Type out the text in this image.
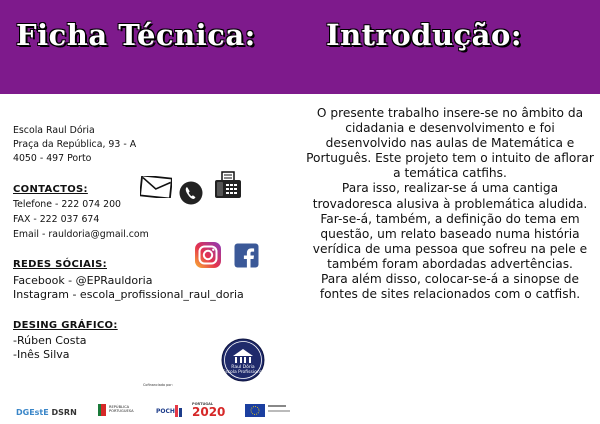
Ficha Técnica: Introdução:
Escola Raul Dória
Praça da República, 93 - A
4050 - 497 Porto
CONTACTOS:
Telefone - 222 074 200
FAX - 222 037 674
Email - rauldoria@gmail.com
REDES SÓCIAIS:
Facebook - @EPRauldoria
Instagram - escola_profissional_raul_doria
DESING GRÁFICO:
-Rúben Costa
-Inês Silva
Raul Dória
Escola Profissional

O presente trabalho insere-se no âmbito da cidadania e desenvolvimento e foi desenvolvido nas aulas de Matemática e Português. Este projeto tem o intuito de aflorar a temática catfihs.

Para isso, realizar-se á uma cantiga trovadoresca alusiva à problemática aludida.

Far-se-á, também, a definição do tema em questão, um relato baseado numa história verídica de uma pessoa que sofreu na pele e também foram abordadas advertências.

Para além disso, colocar-se-á a sinopse de fontes de sites relacionados com o catfish.

DGEstE DSRN
REPÚBLICA PORTUGUESA
Cofinanciado por:
POCH
PORTUGAL
2020
